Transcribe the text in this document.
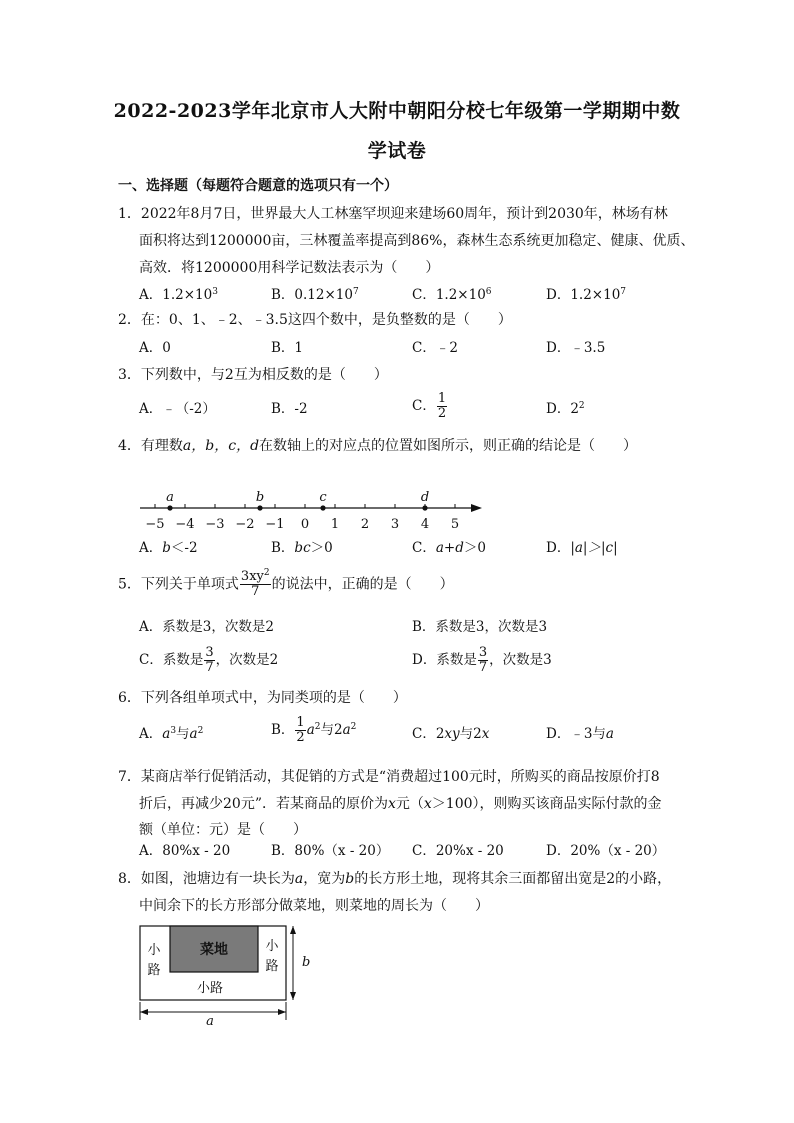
2022-2023学年北京市人大附中朝阳分校七年级第一学期期中数
学试卷
一、选择题（每题符合题意的选项只有一个）
1．2022年8月7日，世界最大人工林塞罕坝迎来建场60周年，预计到2030年，林场有林
面积将达到1200000亩，三林覆盖率提高到86%，森林生态系统更加稳定、健康、优质、
高效．将1200000用科学记数法表示为（　　）
A．$1.2\times 10^3$	B．$0.12\times 10^7$	C．$1.2\times 10^6$	D．$1.2\times 10^7$
2．在：0、1、﹣2、﹣3.5这四个数中，是负整数的是（　　）
A．0	B．1	C．﹣2	D．﹣3.5
3．下列数中，与2互为相反数的是（　　）
A．﹣（-2）	B．-2	C． $\frac{1}{2}$	D．$2^2$
4．有理数a，b，c，d在数轴上的对应点的位置如图所示，则正确的结论是（　　）
−5 −4 −3 −2 −1 0 1 2 3 4 5
a	b	c	d
A．b＜-2	B．bc＞0	C．a+d＞0	D．|a|＞|c|
5．下列关于单项式 $\frac{3xy^2}{7}$ 的说法中，正确的是（　　）
A．系数是3，次数是2	B．系数是3，次数是3
C．系数是 $\frac{3}{7}$ ，次数是2	D．系数是 $\frac{3}{7}$ ，次数是3
6．下列各组单项式中，为同类项的是（　　）
A．$a^3$与$a^2$	B． $\frac{1}{2} a^2$与$2a^2$	C．2xy与2x	D．﹣3与a
7．某商店举行促销活动，其促销的方式是“消费超过100元时，所购买的商品按原价打8
折后，再减少20元”．若某商品的原价为x元（x＞100），则购买该商品实际付款的金
额（单位：元）是（　　）
A．80%x - 20	B．80%（x - 20） C．20%x - 20	D．20%（x - 20）
8．如图，池塘边有一块长为a，宽为b的长方形土地，现将其余三面都留出宽是2的小路，
中间余下的长方形部分做菜地，则菜地的周长为（　　）
菜地
小
路
小
路
小路
b
a
